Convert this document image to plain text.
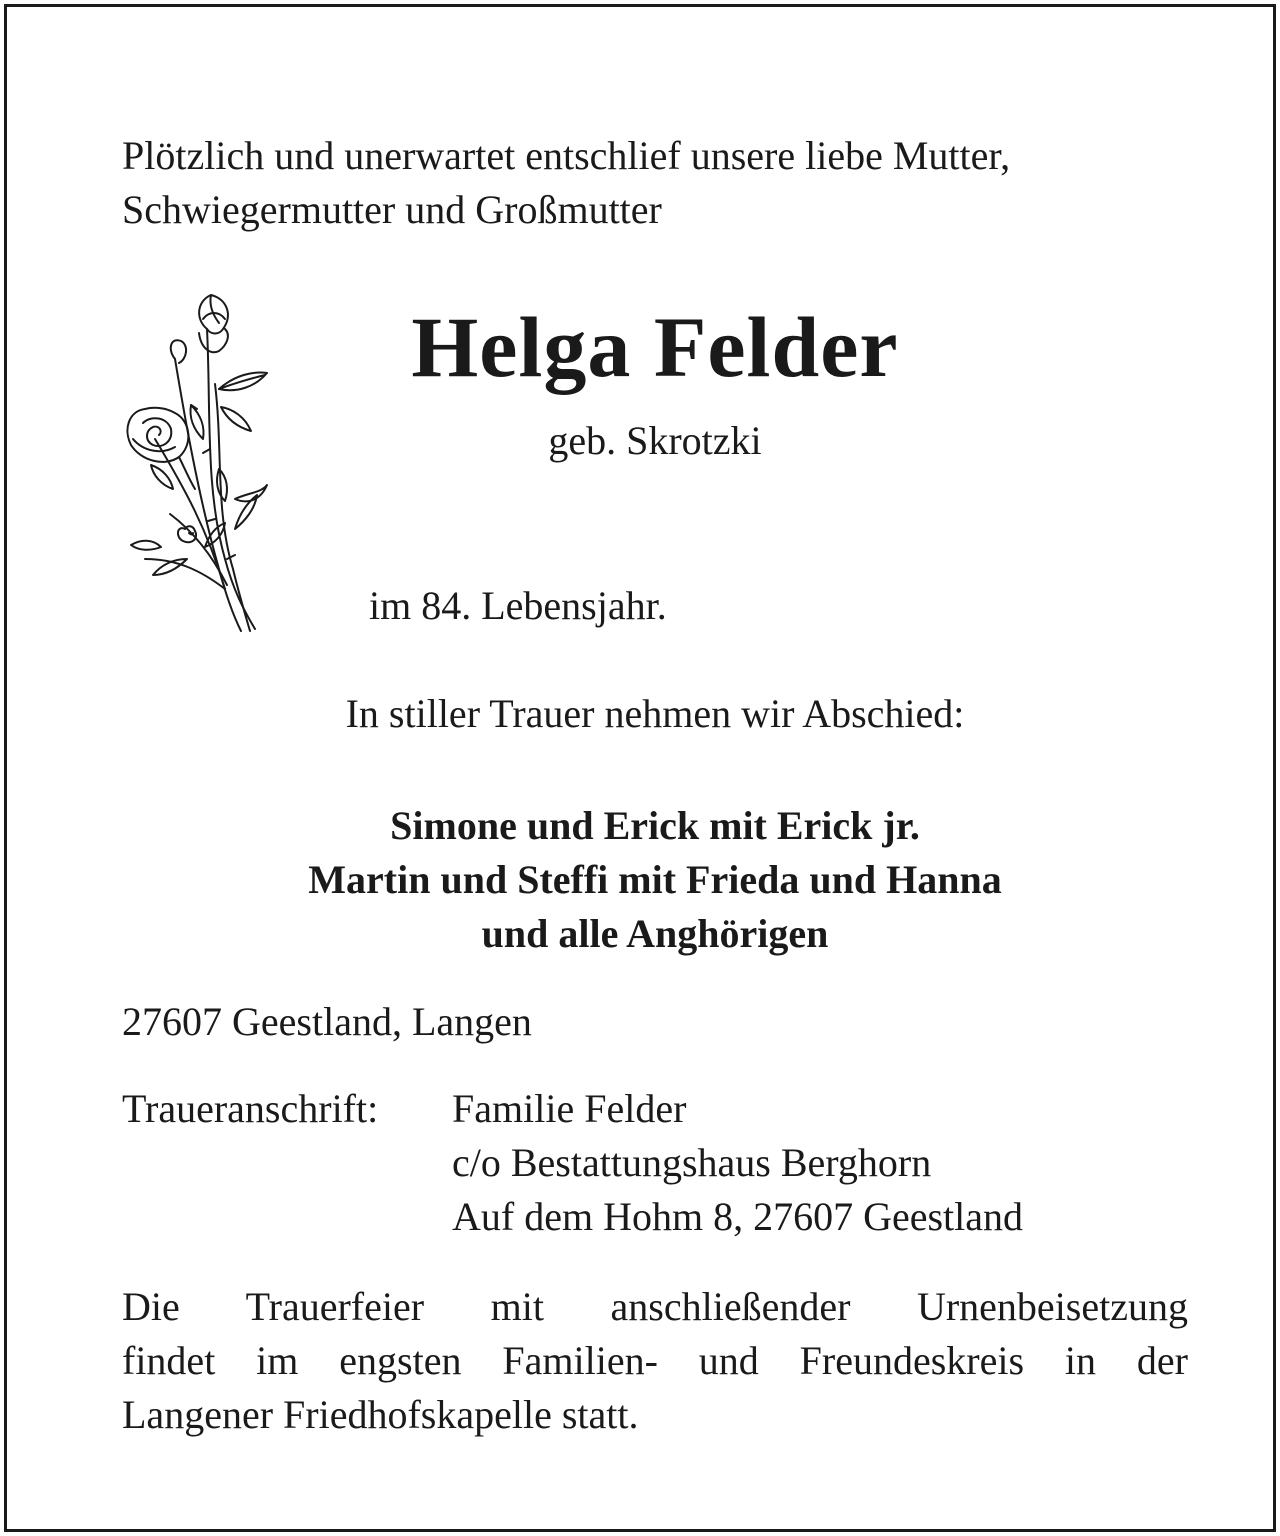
Plötzlich und unerwartet entschlief unsere liebe Mutter,
Schwiegermutter und Großmutter

Helga Felder
geb. Skrotzki
im 84. Lebensjahr.
In stiller Trauer nehmen wir Abschied:
Simone und Erick mit Erick jr.
Martin und Steffi mit Frieda und Hanna
und alle Anghörigen
27607 Geestland, Langen
Traueranschrift: Familie Felder
c/o Bestattungshaus Berghorn
Auf dem Hohm 8, 27607 Geestland
Die Trauerfeier mit anschließender Urnenbeisetzung
findet im engsten Familien- und Freundeskreis in der
Langener Friedhofskapelle statt.
